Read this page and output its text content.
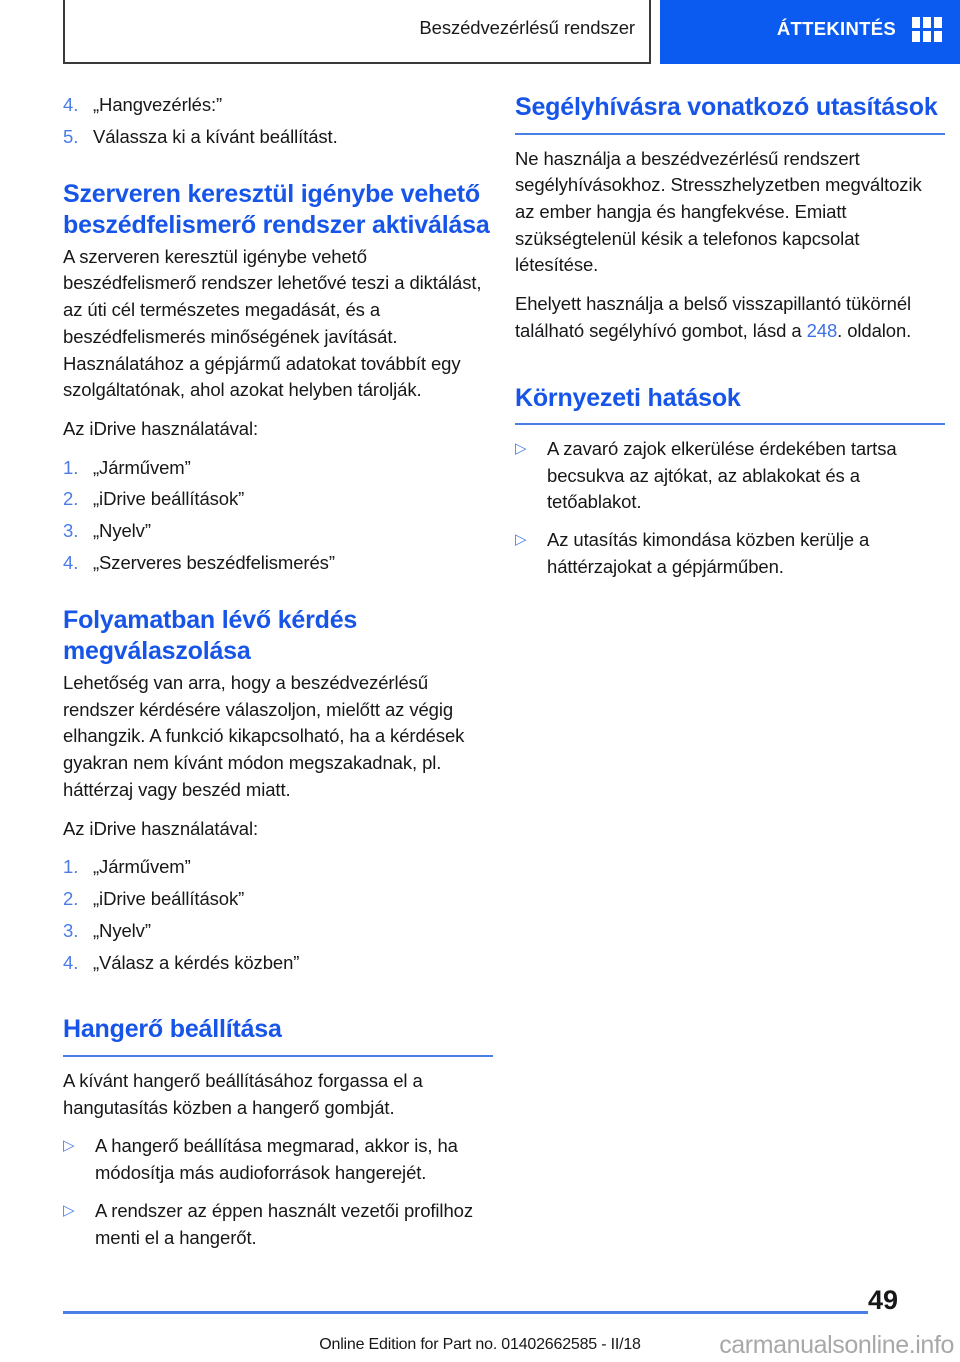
Beszédvezérlésű rendszer	ÁTTEKINTÉS
4. „Hangvezérlés:”
5. Válassza ki a kívánt beállítást.
Szerveren keresztül igénybe vehető beszédfelismerő rendszer aktiválása

A szerveren keresztül igénybe vehető beszédfelismerő rendszer lehetővé teszi a diktálást, az úti cél természetes megadását, és a beszédfelismerés minőségének javítását. Használatához a gépjármű adatokat továbbít egy szolgáltatónak, ahol azokat helyben tárolják.

Az iDrive használatával:

1. „Járművem”
2. „iDrive beállítások”
3. „Nyelv”
4. „Szerveres beszédfelismerés”
Folyamatban lévő kérdés megválaszolása

Lehetőség van arra, hogy a beszédvezérlésű rendszer kérdésére válaszoljon, mielőtt az végig elhangzik. A funkció kikapcsolható, ha a kérdések gyakran nem kívánt módon megszakadnak, pl. háttérzaj vagy beszéd miatt.

Az iDrive használatával:

1. „Járművem”
2. „iDrive beállítások”
3. „Nyelv”
4. „Válasz a kérdés közben”
Hangerő beállítása

A kívánt hangerő beállításához forgassa el a hangutasítás közben a hangerő gombját.

▷	A hangerő beállítása megmarad, akkor is, ha módosítja más audioforrások hangerejét.
▷	A rendszer az éppen használt vezetői profilhoz menti el a hangerőt.
Segélyhívásra vonatkozó utasítások

Ne használja a beszédvezérlésű rendszert segélyhívásokhoz. Stresszhelyzetben megváltozik az ember hangja és hangfekvése. Emiatt szükségtelenül késik a telefonos kapcsolat létesítése.

Ehelyett használja a belső visszapillantó tükörnél található segélyhívó gombot, lásd a 248. oldalon.

Környezeti hatások
▷	A zavaró zajok elkerülése érdekében tartsa becsukva az ajtókat, az ablakokat és a tetőablakot.
▷	Az utasítás kimondása közben kerülje a háttérzajokat a gépjárműben.
49
Online Edition for Part no. 01402662585 - II/18	carmanualsonline.info
